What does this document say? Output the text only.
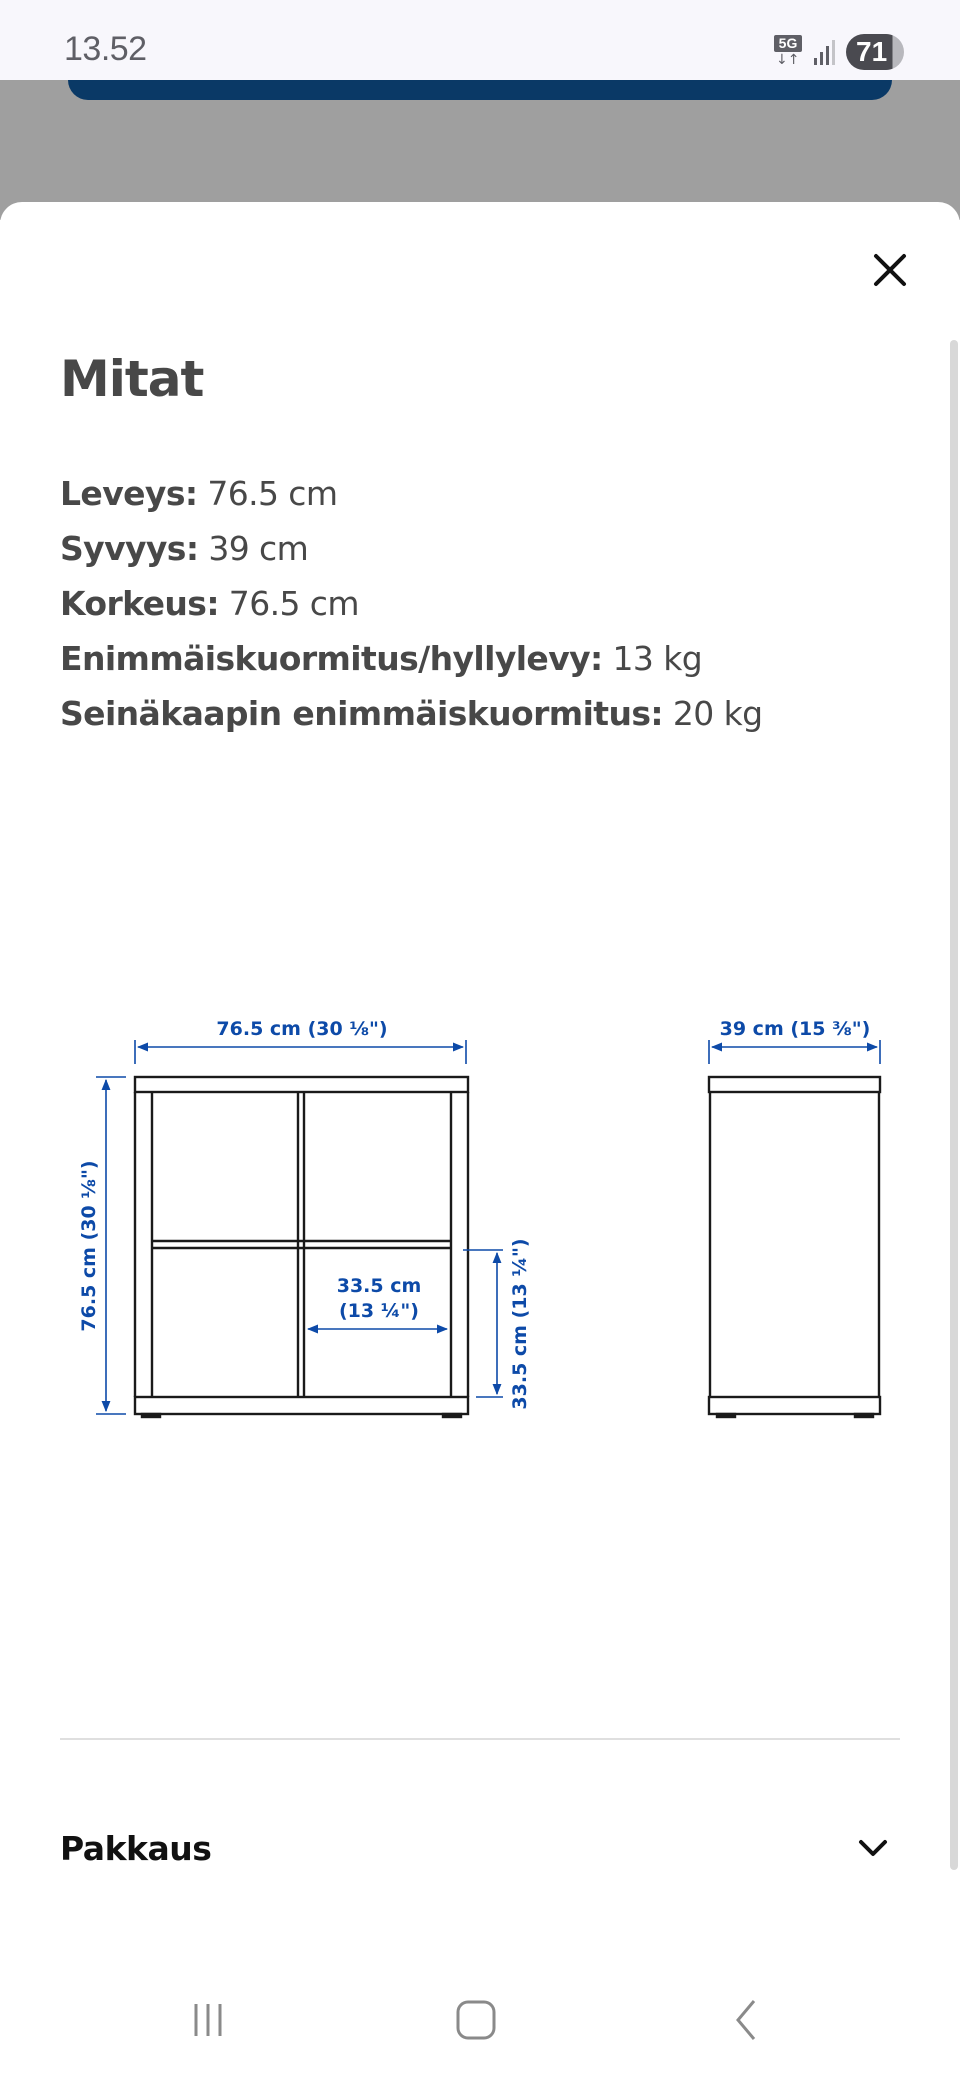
13.52	5G
↓↑	71
Mitat
Leveys: 76.5 cm
Syvyys: 39 cm
Korkeus: 76.5 cm
Enimmäiskuormitus/hyllylevy: 13 kg
Seinäkaapin enimmäiskuormitus: 20 kg
76.5 cm (30 ⅛")
76.5 cm (30 ⅛")	33.5 cm
(13 ¼")	33.5 cm (13 ¼")
39 cm (15 ⅜")
Pakkaus
